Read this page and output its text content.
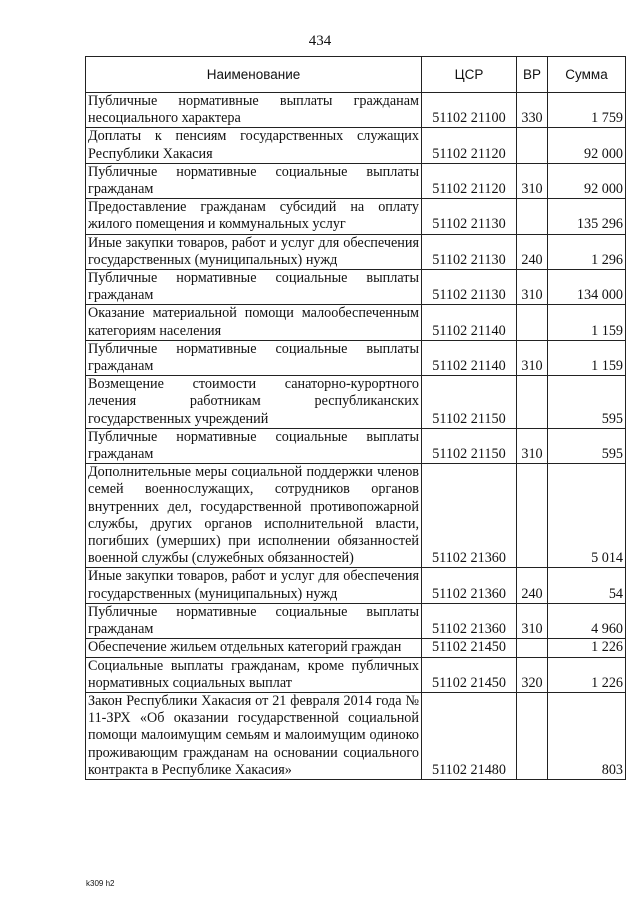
434
Наименование	ЦСР	ВР	Сумма
Публичные нормативные выплаты гражданам несоциального характера	51102 21100	330	1 759
Доплаты к пенсиям государственных служащих Республики Хакасия	51102 21120		92 000
Публичные нормативные социальные выплаты гражданам	51102 21120	310	92 000
Предоставление гражданам субсидий на оплату жилого помещения и коммунальных услуг	51102 21130		135 296
Иные закупки товаров, работ и услуг для обеспечения государственных (муниципальных) нужд	51102 21130	240	1 296
Публичные нормативные социальные выплаты гражданам	51102 21130	310	134 000
Оказание материальной помощи малообеспеченным категориям населения	51102 21140		1 159
Публичные нормативные социальные выплаты гражданам	51102 21140	310	1 159
Возмещение стоимости санаторно-курортного лечения работникам республиканских государственных учреждений	51102 21150		595
Публичные нормативные социальные выплаты гражданам	51102 21150	310	595
Дополнительные меры социальной поддержки членов семей военнослужащих, сотрудников органов внутренних дел, государственной противопожарной службы, других органов исполнительной власти, погибших (умерших) при исполнении обязанностей военной службы (служебных обязанностей)	51102 21360		5 014
Иные закупки товаров, работ и услуг для обеспечения государственных (муниципальных) нужд	51102 21360	240	54
Публичные нормативные социальные выплаты гражданам	51102 21360	310	4 960
Обеспечение жильем отдельных категорий граждан	51102 21450		1 226
Социальные выплаты гражданам, кроме публичных нормативных социальных выплат	51102 21450	320	1 226
Закон Республики Хакасия от 21 февраля 2014 года № 11-ЗРХ «Об оказании государственной социальной помощи малоимущим семьям и малоимущим одиноко проживающим гражданам на основании социального контракта в Республике Хакасия»	51102 21480		803
k309 h2
